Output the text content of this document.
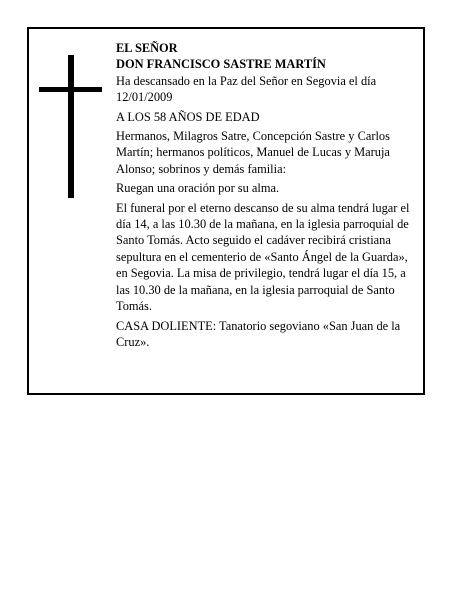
EL SEÑOR

DON FRANCISCO SASTRE MARTÍN

Ha descansado en la Paz del Señor en Segovia el día 12/01/2009

A LOS 58 AÑOS DE EDAD

Hermanos, Milagros Satre, Concepción Sastre y Carlos Martín; hermanos políticos, Manuel de Lucas y Maruja Alonso; sobrinos y demás familia:

Ruegan una oración por su alma.

El funeral por el eterno descanso de su alma tendrá lugar el día 14, a las 10.30 de la mañana, en la iglesia parroquial de Santo Tomás. Acto seguido el cadáver recibirá cristiana sepultura en el cementerio de «Santo Ángel de la Guarda», en Segovia. La misa de privilegio, tendrá lugar el día 15, a las 10.30 de la mañana, en la iglesia parroquial de Santo Tomás.

CASA DOLIENTE: Tanatorio segoviano «San Juan de la Cruz».
